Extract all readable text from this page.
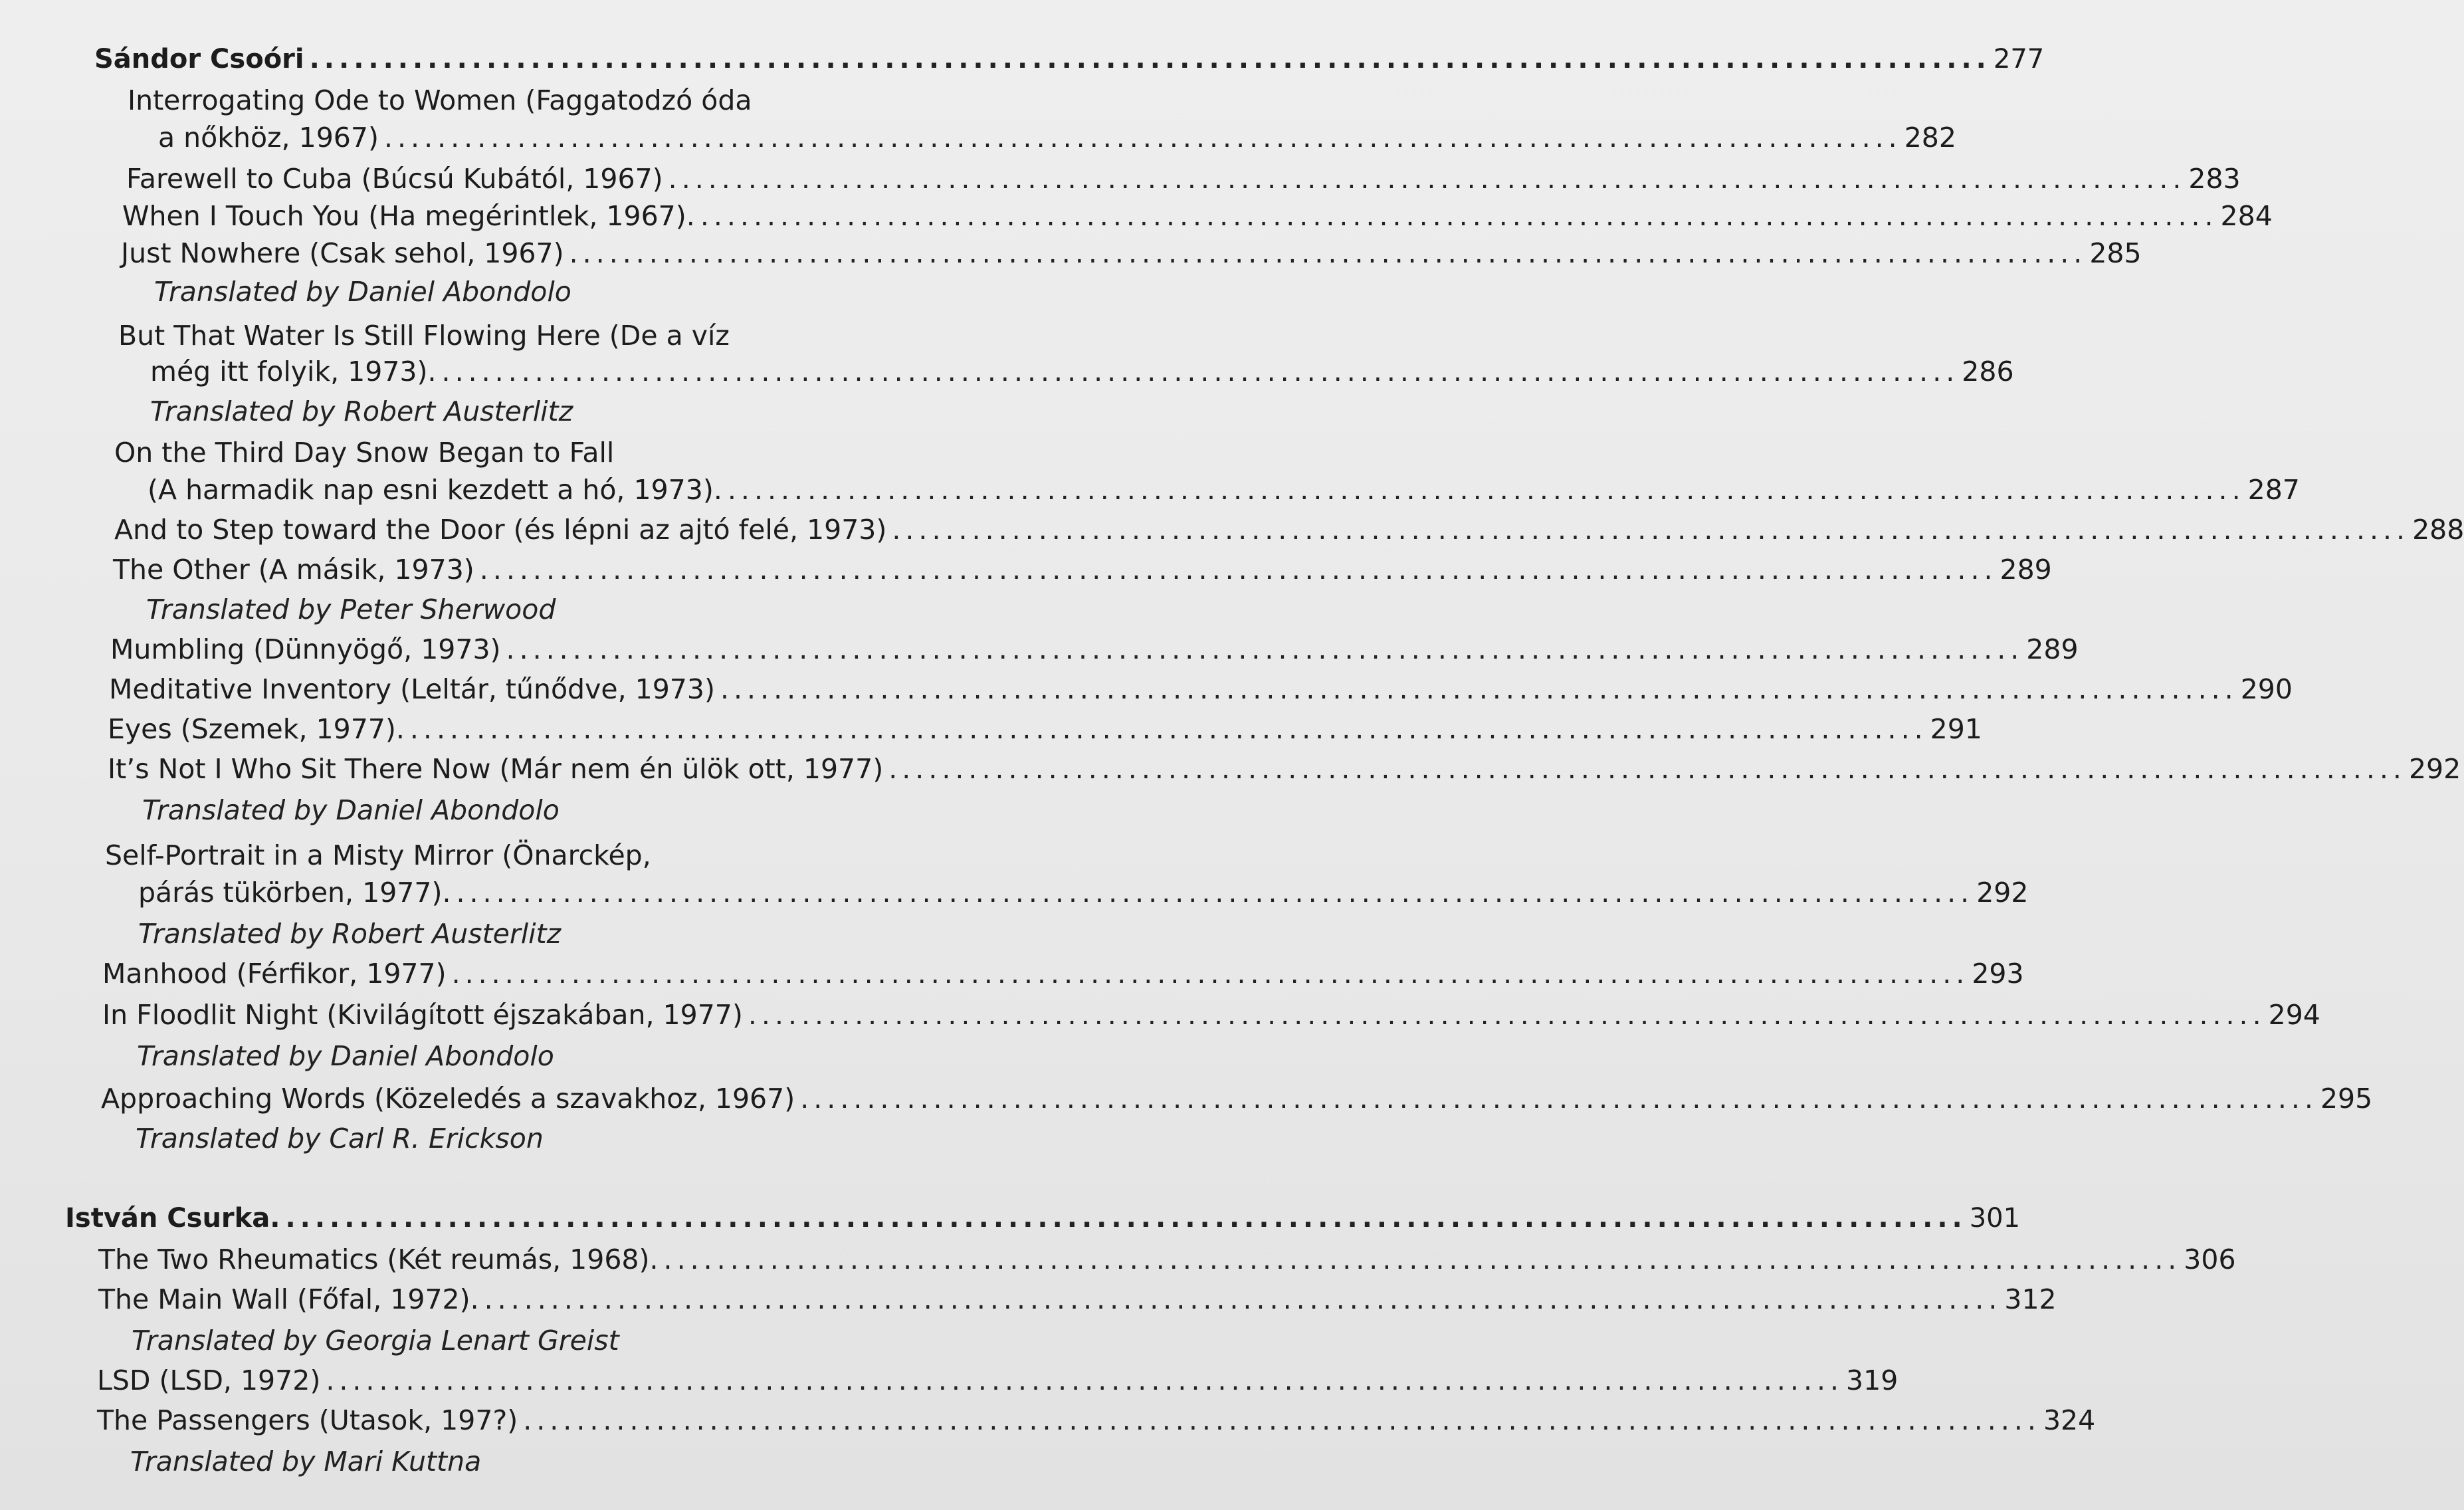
Sándor Csoóri .................................................................................................................. 277
Interrogating Ode to Women (Faggatodzó óda
a nőkhöz, 1967) .................................................................................................................. 282
Farewell to Cuba (Búcsú Kubától, 1967) .................................................................................................................. 283
When I Touch You (Ha megérintlek, 1967). .................................................................................................................. 284
Just Nowhere (Csak sehol, 1967) .................................................................................................................. 285
Translated by Daniel Abondolo
But That Water Is Still Flowing Here (De a víz
még itt folyik, 1973). .................................................................................................................. 286
Translated by Robert Austerlitz
On the Third Day Snow Began to Fall
(A harmadik nap esni kezdett a hó, 1973). .................................................................................................................. 287
And to Step toward the Door (és lépni az ajtó felé, 1973) .................................................................................................................. 288
The Other (A másik, 1973) .................................................................................................................. 289
Translated by Peter Sherwood
Mumbling (Dünnyögő, 1973) .................................................................................................................. 289
Meditative Inventory (Leltár, tűnődve, 1973) .................................................................................................................. 290
Eyes (Szemek, 1977). .................................................................................................................. 291
It’s Not I Who Sit There Now (Már nem én ülök ott, 1977) .................................................................................................................. 292
Translated by Daniel Abondolo
Self-Portrait in a Misty Mirror (Önarckép,
párás tükörben, 1977). .................................................................................................................. 292
Translated by Robert Austerlitz
Manhood (Férfikor, 1977) .................................................................................................................. 293
In Floodlit Night (Kivilágított éjszakában, 1977) .................................................................................................................. 294
Translated by Daniel Abondolo
Approaching Words (Közeledés a szavakhoz, 1967) .................................................................................................................. 295
Translated by Carl R. Erickson
István Csurka. .................................................................................................................. 301
The Two Rheumatics (Két reumás, 1968). .................................................................................................................. 306
The Main Wall (Főfal, 1972). .................................................................................................................. 312
Translated by Georgia Lenart Greist
LSD (LSD, 1972) .................................................................................................................. 319
The Passengers (Utasok, 197?) .................................................................................................................. 324
Translated by Mari Kuttna
